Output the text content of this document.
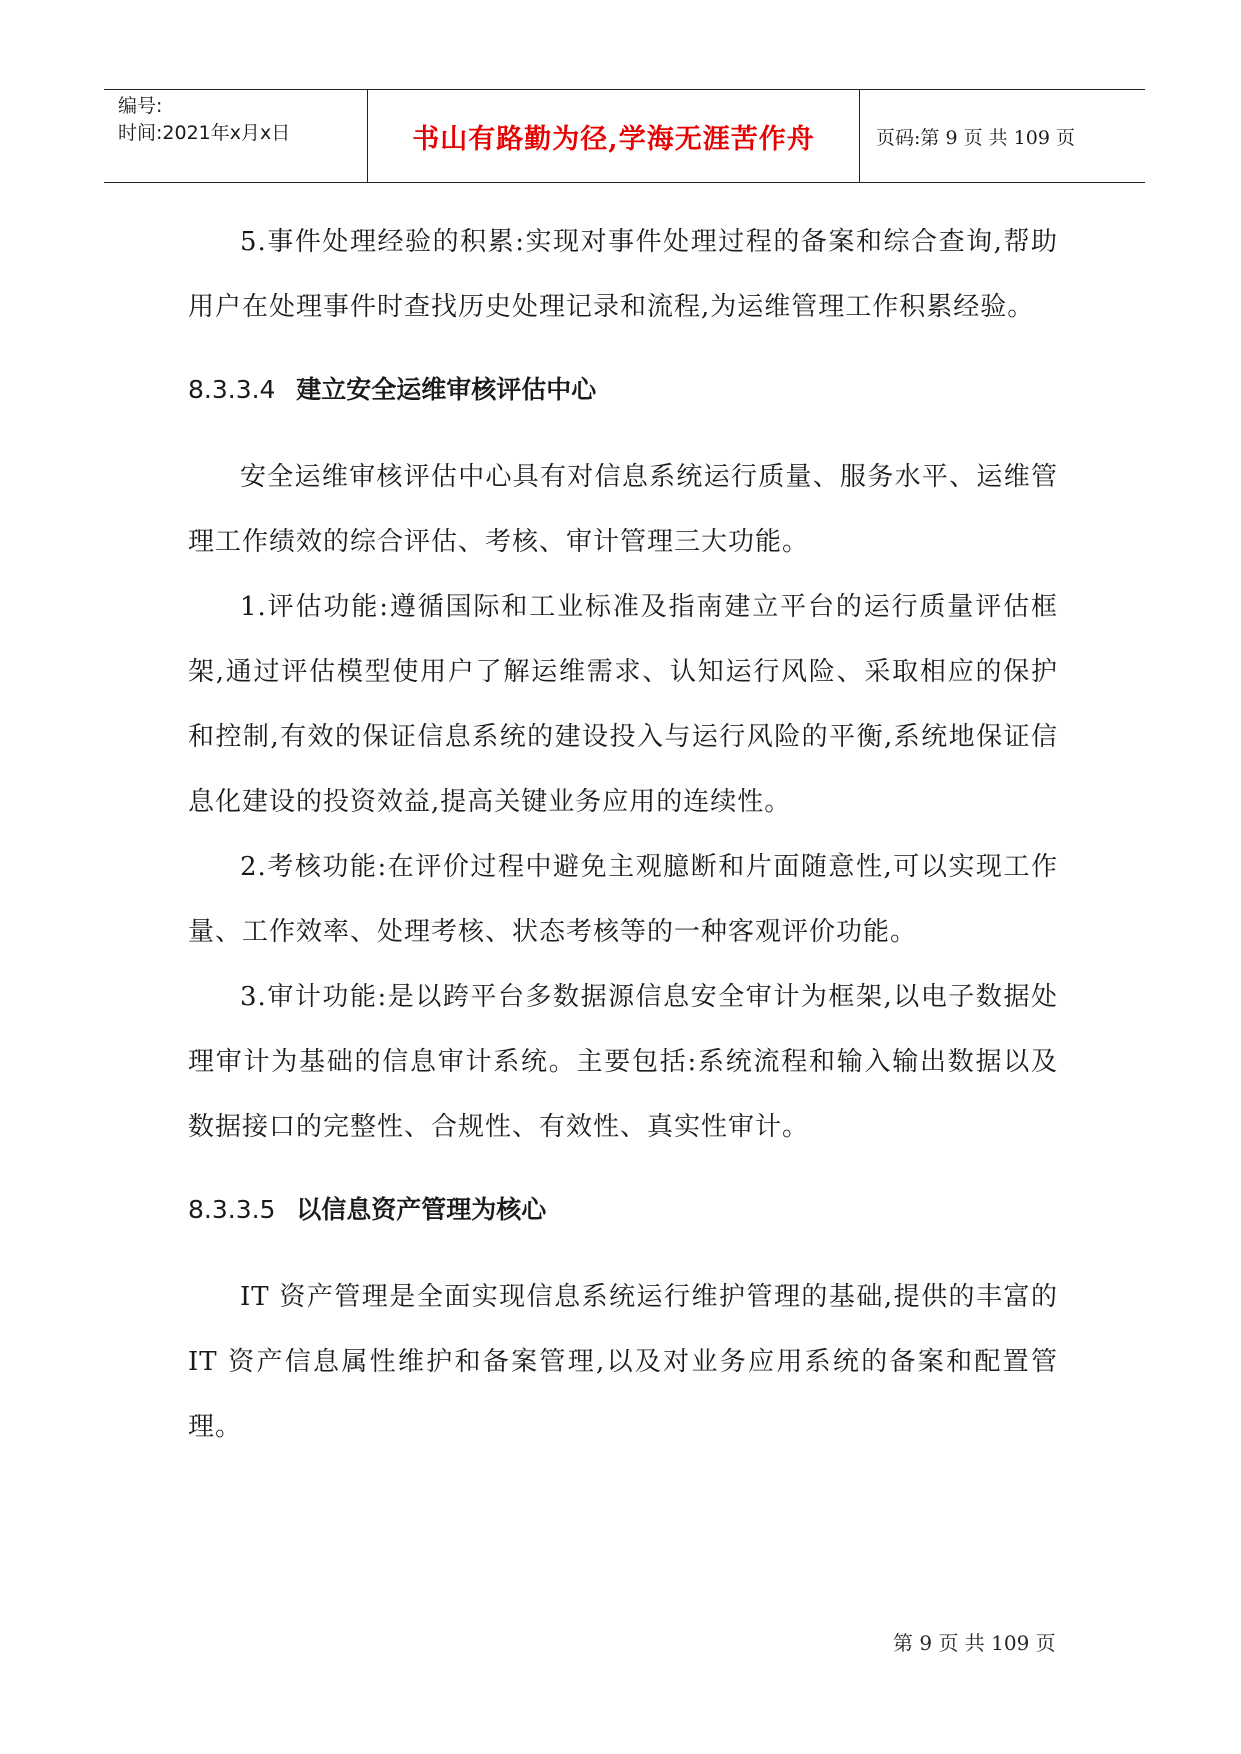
编号:
时间:2021年x月x日	书山有路勤为径,学海无涯苦作舟	页码:第 9 页 共 109 页

5.事件处理经验的积累:实现对事件处理过程的备案和综合查询,帮助用户在处理事件时查找历史处理记录和流程,为运维管理工作积累经验。

8.3.3.4 建立安全运维审核评估中心

安全运维审核评估中心具有对信息系统运行质量、服务水平、运维管理工作绩效的综合评估、考核、审计管理三大功能。

1.评估功能:遵循国际和工业标准及指南建立平台的运行质量评估框架,通过评估模型使用户了解运维需求、认知运行风险、采取相应的保护和控制,有效的保证信息系统的建设投入与运行风险的平衡,系统地保证信息化建设的投资效益,提高关键业务应用的连续性。

2.考核功能:在评价过程中避免主观臆断和片面随意性,可以实现工作量、工作效率、处理考核、状态考核等的一种客观评价功能。

3.审计功能:是以跨平台多数据源信息安全审计为框架,以电子数据处理审计为基础的信息审计系统。主要包括:系统流程和输入输出数据以及数据接口的完整性、合规性、有效性、真实性审计。

8.3.3.5 以信息资产管理为核心

IT 资产管理是全面实现信息系统运行维护管理的基础,提供的丰富的 IT 资产信息属性维护和备案管理,以及对业务应用系统的备案和配置管理。

第 9 页 共 109 页
